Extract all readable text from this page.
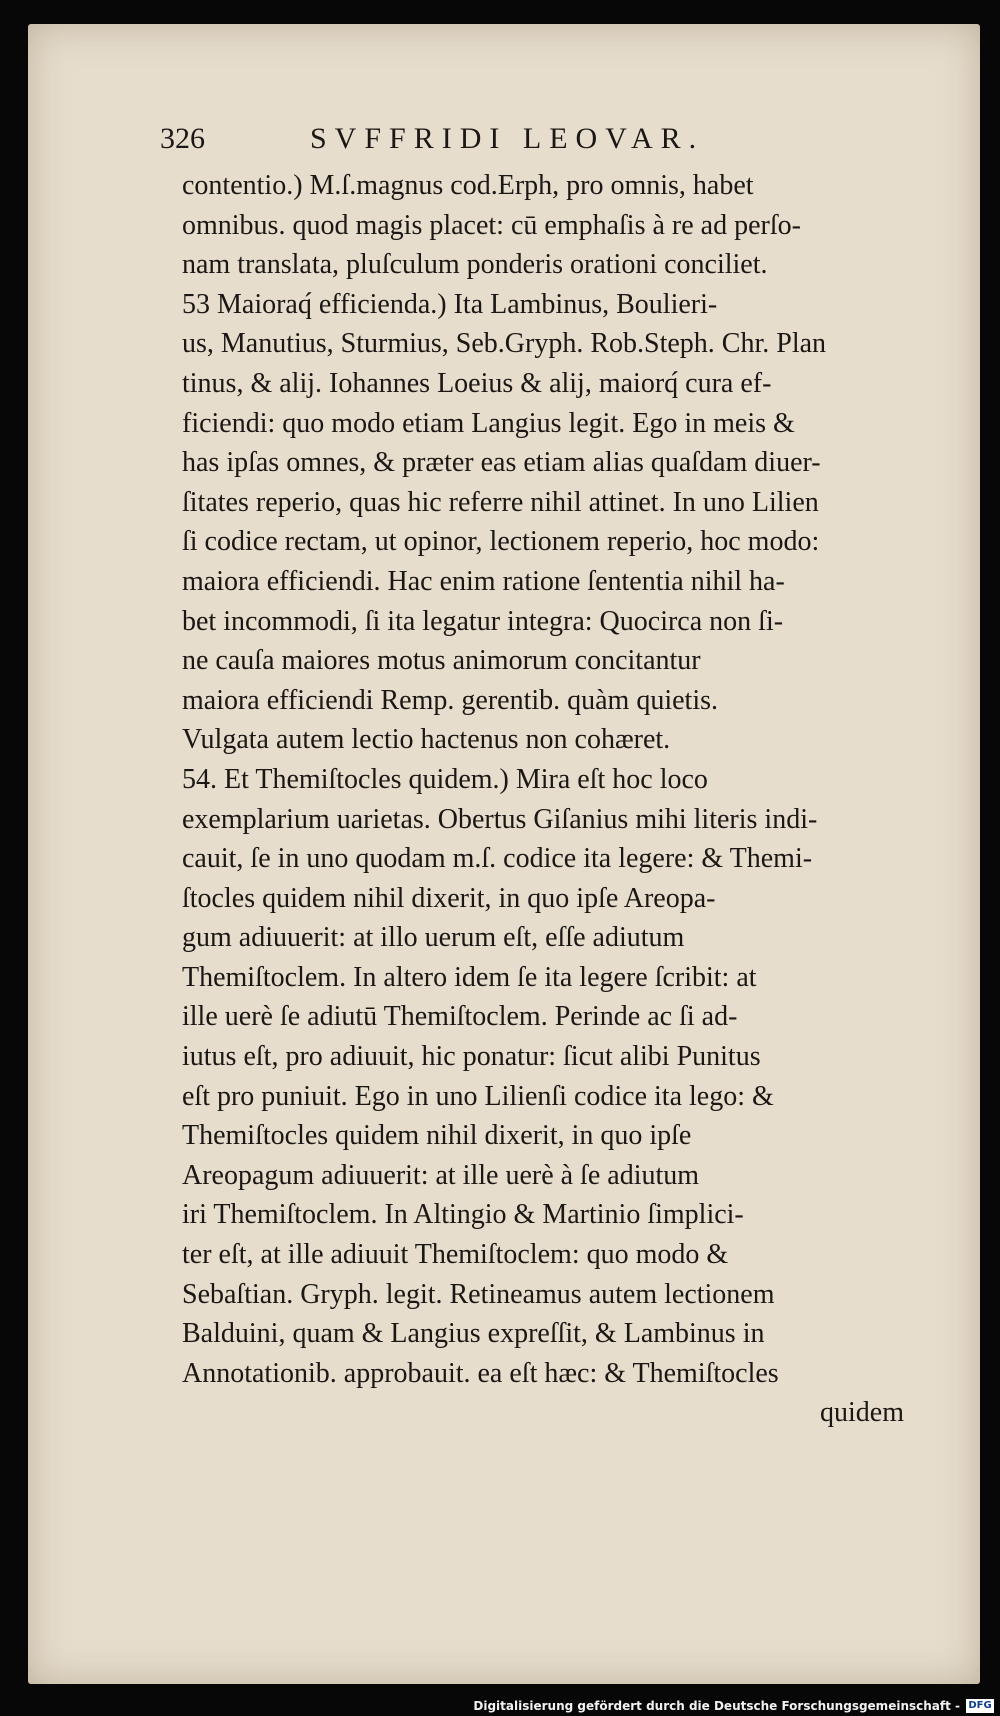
326	SVFFRIDI LEOVAR.
contentio.) M.ſ.magnus cod.Erph, pro omnis, habet
omnibus. quod magis placet: cū emphaſis à re ad perſo-
nam translata, pluſculum ponderis orationi conciliet.
53 Maioraq́ efficienda.) Ita Lambinus, Boulieri-
us, Manutius, Sturmius, Seb.Gryph. Rob.Steph. Chr. Plan
tinus, & alij. Iohannes Loeius & alij, maiorq́ cura ef-
ficiendi: quo modo etiam Langius legit. Ego in meis &
has ipſas omnes, & præter eas etiam alias quaſdam diuer-
ſitates reperio, quas hic referre nihil attinet. In uno Lilien
ſi codice rectam, ut opinor, lectionem reperio, hoc modo:
maiora efficiendi. Hac enim ratione ſententia nihil ha-
bet incommodi, ſi ita legatur integra: Quocirca non ſi-
ne cauſa maiores motus animorum concitantur
maiora efficiendi Remp. gerentib. quàm quietis.
Vulgata autem lectio hactenus non cohæret.
54. Et Themiſtocles quidem.) Mira eſt hoc loco
exemplarium uarietas. Obertus Giſanius mihi literis indi-
cauit, ſe in uno quodam m.ſ. codice ita legere: & Themi-
ſtocles quidem nihil dixerit, in quo ipſe Areopa-
gum adiuuerit: at illo uerum eſt, eſſe adiutum
Themiſtoclem. In altero idem ſe ita legere ſcribit: at
ille uerè ſe adiutū Themiſtoclem. Perinde ac ſi ad-
iutus eſt, pro adiuuit, hic ponatur: ſicut alibi Punitus
eſt pro puniuit. Ego in uno Lilienſi codice ita lego: &
Themiſtocles quidem nihil dixerit, in quo ipſe
Areopagum adiuuerit: at ille uerè à ſe adiutum
iri Themiſtoclem. In Altingio & Martinio ſimplici-
ter eſt, at ille adiuuit Themiſtoclem: quo modo &
Sebaſtian. Gryph. legit. Retineamus autem lectionem
Balduini, quam & Langius expreſſit, & Lambinus in
Annotationib. approbauit. ea eſt hæc: & Themiſtocles
quidem
Digitalisierung gefördert durch die Deutsche Forschungsgemeinschaft - DFG
